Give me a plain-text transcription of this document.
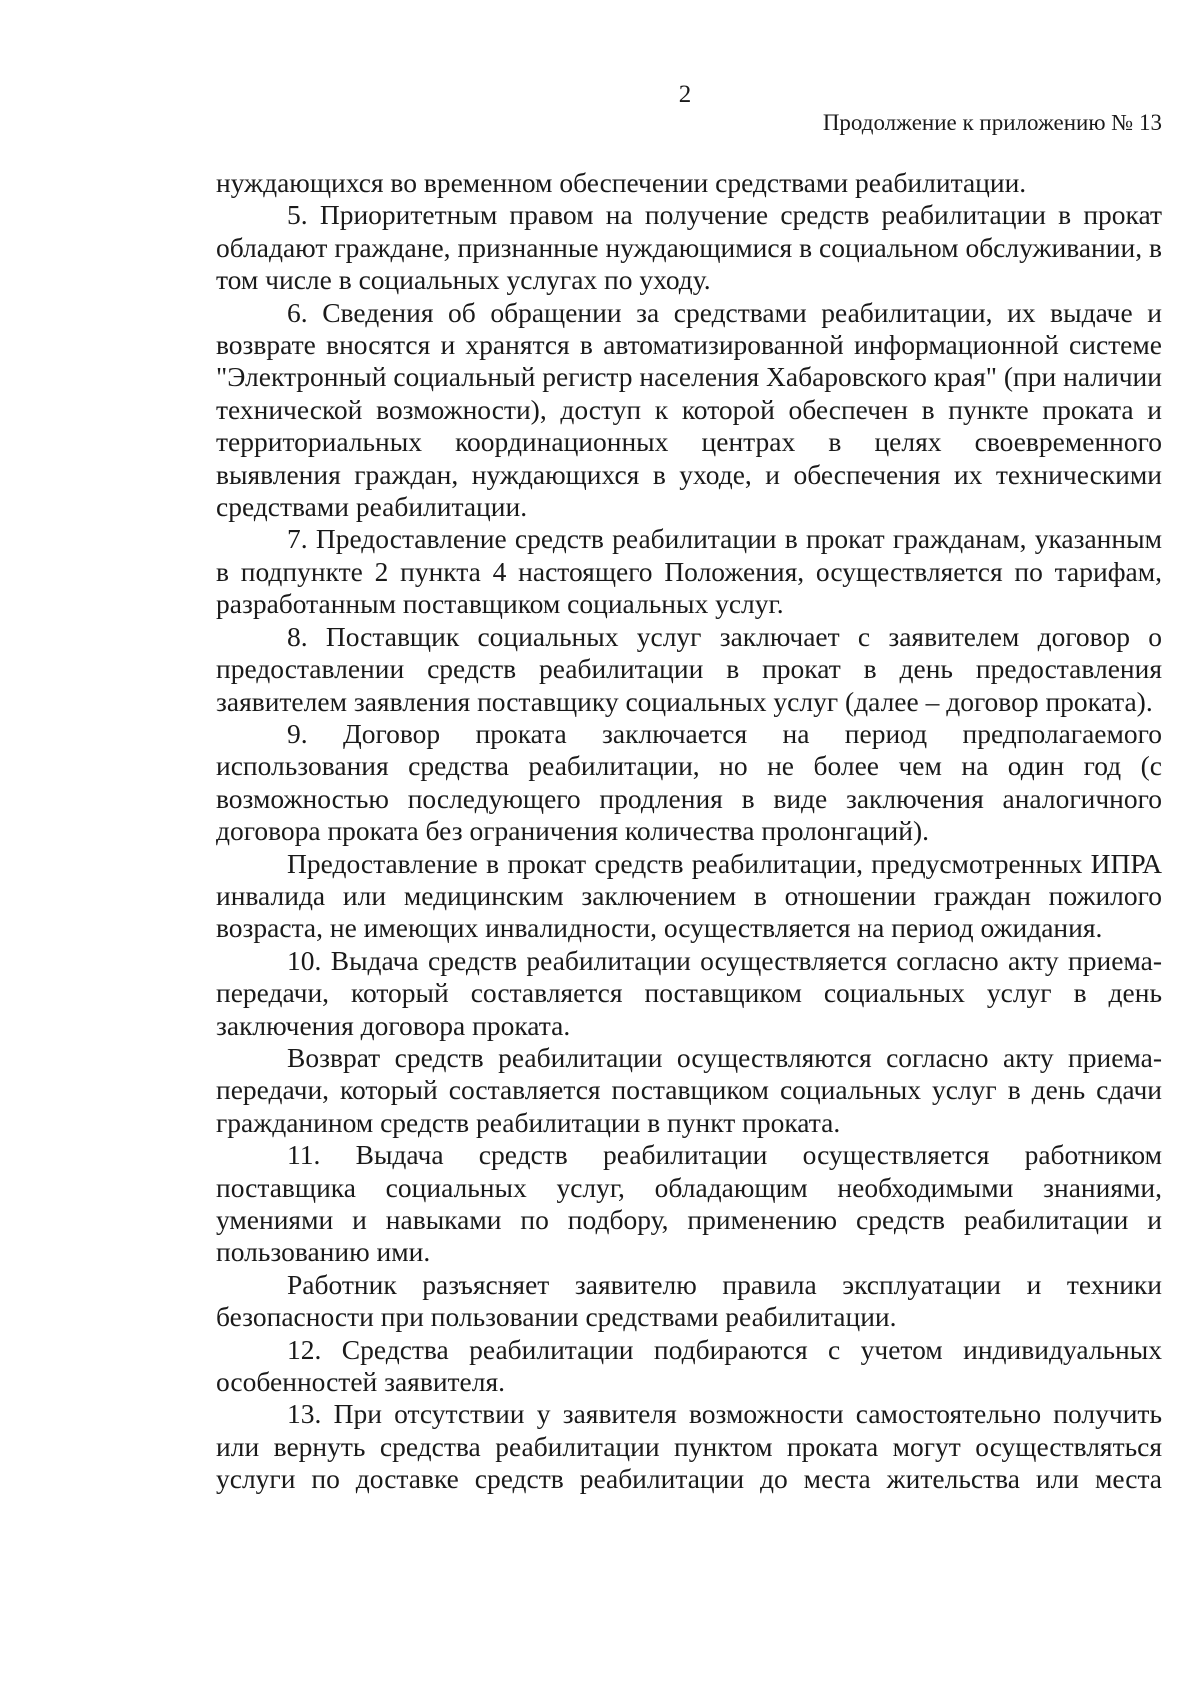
2
Продолжение к приложению № 13

нуждающихся во временном обеспечении средствами реабилитации.

5. Приоритетным правом на получение средств реабилитации в прокат обладают граждане, признанные нуждающимися в социальном обслуживании, в том числе в социальных услугах по уходу.

6. Сведения об обращении за средствами реабилитации, их выдаче и возврате вносятся и хранятся в автоматизированной информационной системе "Электронный социальный регистр населения Хабаровского края" (при наличии технической возможности), доступ к которой обеспечен в пункте проката и территориальных координационных центрах в целях своевременного выявления граждан, нуждающихся в уходе, и обеспечения их техническими средствами реабилитации.

7. Предоставление средств реабилитации в прокат гражданам, указанным в подпункте 2 пункта 4 настоящего Положения, осуществляется по тарифам, разработанным поставщиком социальных услуг.

8. Поставщик социальных услуг заключает с заявителем договор о предоставлении средств реабилитации в прокат в день предоставления заявителем заявления поставщику социальных услуг (далее – договор проката).

9. Договор проката заключается на период предполагаемого использования средства реабилитации, но не более чем на один год (с возможностью последующего продления в виде заключения аналогичного договора проката без ограничения количества пролонгаций).

Предоставление в прокат средств реабилитации, предусмотренных ИПРА инвалида или медицинским заключением в отношении граждан пожилого возраста, не имеющих инвалидности, осуществляется на период ожидания.

10. Выдача средств реабилитации осуществляется согласно акту приема-передачи, который составляется поставщиком социальных услуг в день заключения договора проката.

Возврат средств реабилитации осуществляются согласно акту приема-передачи, который составляется поставщиком социальных услуг в день сдачи гражданином средств реабилитации в пункт проката.

11. Выдача средств реабилитации осуществляется работником поставщика социальных услуг, обладающим необходимыми знаниями, умениями и навыками по подбору, применению средств реабилитации и пользованию ими.

Работник разъясняет заявителю правила эксплуатации и техники безопасности при пользовании средствами реабилитации.

12. Средства реабилитации подбираются с учетом индивидуальных особенностей заявителя.

13. При отсутствии у заявителя возможности самостоятельно получить или вернуть средства реабилитации пунктом проката могут осуществляться услуги по доставке средств реабилитации до места жительства или места
